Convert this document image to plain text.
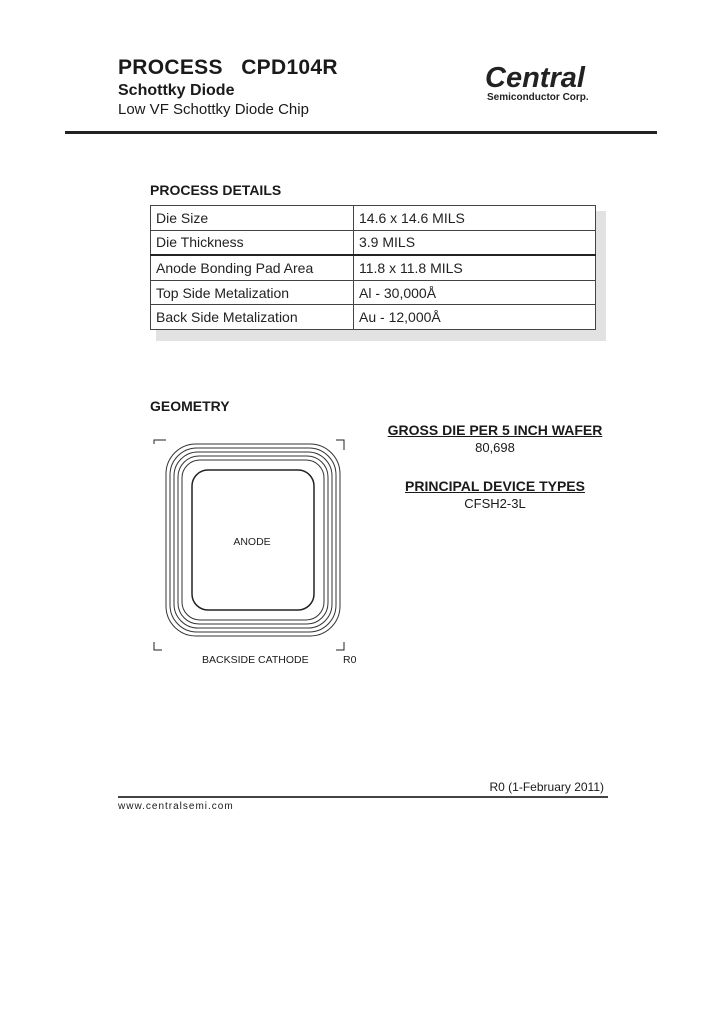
PROCESS CPD104R
Schottky Diode
Low VF Schottky Diode Chip
Central
Semiconductor Corp.
PROCESS DETAILS
Die Size	14.6 x 14.6 MILS
Die Thickness	3.9 MILS
Anode Bonding Pad Area	11.8 x 11.8 MILS
Top Side Metalization	Al - 30,000Å
Back Side Metalization	Au - 12,000Å
GEOMETRY
ANODE
BACKSIDE CATHODE	R0
GROSS DIE PER 5 INCH WAFER
80,698
PRINCIPAL DEVICE TYPES
CFSH2-3L
R0 (1-February 2011)
www.centralsemi.com
